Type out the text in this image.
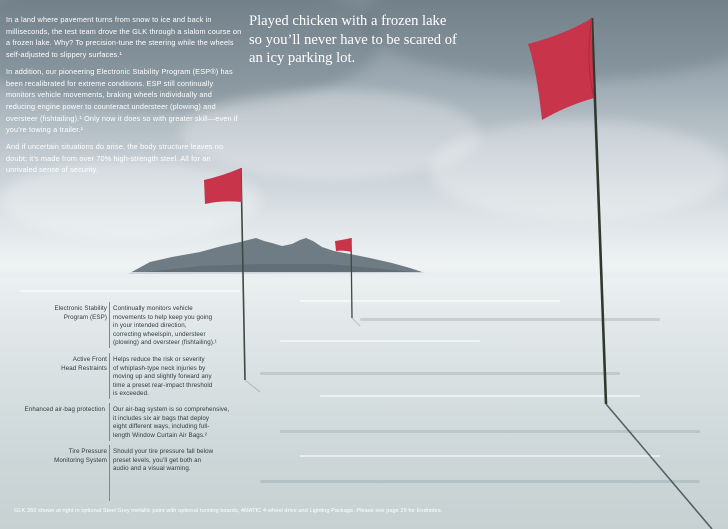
In a land where pavement turns from snow to ice and back in milliseconds, the test team drove the GLK through a slalom course on a frozen lake. Why? To precision-tune the steering while the wheels self-adjusted to slippery surfaces.¹

In addition, our pioneering Electronic Stability Program (ESP®) has been recalibrated for extreme conditions. ESP still continually monitors vehicle movements, braking wheels individually and reducing engine power to counteract understeer (plowing) and oversteer (fishtailing).¹ Only now it does so with greater skill—even if you’re towing a trailer.¹

And if uncertain situations do arise, the body structure leaves no doubt; it’s made from over 70% high-strength steel. All for an unrivaled sense of security.

Played chicken with a frozen lake
so you’ll never have to be scared of
an icy parking lot.
Electronic Stability
Program (ESP)
Continually monitors vehicle
movements to help keep you going
in your intended direction,
correcting wheelspin, understeer
(plowing) and oversteer (fishtailing).¹
Active Front
Head Restraints
Helps reduce the risk or severity
of whiplash-type neck injuries by
moving up and slightly forward any
time a preset rear-impact threshold
is exceeded.
Enhanced air-bag protection Our air-bag system is so comprehensive,
it includes six air bags that deploy
eight different ways, including full-
length Window Curtain Air Bags.²
Tire Pressure
Monitoring System
Should your tire pressure fall below
preset levels, you’ll get both an
audio and a visual warning.
GLK 350 shown at right in optional Steel Grey metallic paint with optional running boards, 4MATIC 4-wheel drive and Lighting Package. Please see page 29 for Endnotes.
